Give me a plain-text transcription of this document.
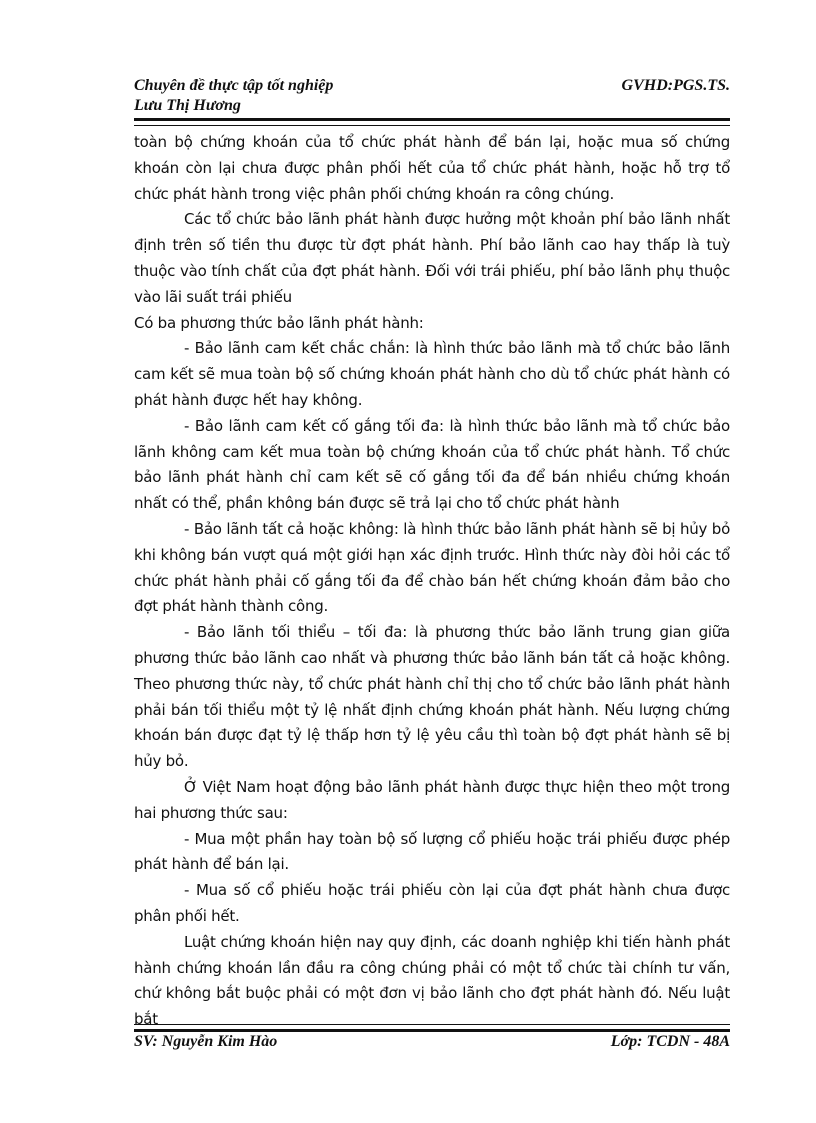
Chuyên đề thực tập tốt nghiệp	GVHD:PGS.TS.
Lưu Thị Hương

toàn bộ chứng khoán của tổ chức phát hành để bán lại, hoặc mua số chứng khoán còn lại chưa được phân phối hết của tổ chức phát hành, hoặc hỗ trợ tổ chức phát hành trong việc phân phối chứng khoán ra công chúng.

Các tổ chức bảo lãnh phát hành được hưởng một khoản phí bảo lãnh nhất định trên số tiền thu được từ đợt phát hành. Phí bảo lãnh cao hay thấp là tuỳ thuộc vào tính chất của đợt phát hành. Đối với trái phiếu, phí bảo lãnh phụ thuộc vào lãi suất trái phiếu

Có ba phương thức bảo lãnh phát hành:

- Bảo lãnh cam kết chắc chắn: là hình thức bảo lãnh mà tổ chức bảo lãnh cam kết sẽ mua toàn bộ số chứng khoán phát hành cho dù tổ chức phát hành có phát hành được hết hay không.

- Bảo lãnh cam kết cố gắng tối đa: là hình thức bảo lãnh mà tổ chức bảo lãnh không cam kết mua toàn bộ chứng khoán của tổ chức phát hành. Tổ chức bảo lãnh phát hành chỉ cam kết sẽ cố gắng tối đa để bán nhiều chứng khoán nhất có thể, phần không bán được sẽ trả lại cho tổ chức phát hành

- Bảo lãnh tất cả hoặc không: là hình thức bảo lãnh phát hành sẽ bị hủy bỏ khi không bán vượt quá một giới hạn xác định trước. Hình thức này đòi hỏi các tổ chức phát hành phải cố gắng tối đa để chào bán hết chứng khoán đảm bảo cho đợt phát hành thành công.

- Bảo lãnh tối thiểu – tối đa: là phương thức bảo lãnh trung gian giữa phương thức bảo lãnh cao nhất và phương thức bảo lãnh bán tất cả hoặc không. Theo phương thức này, tổ chức phát hành chỉ thị cho tổ chức bảo lãnh phát hành phải bán tối thiểu một tỷ lệ nhất định chứng khoán phát hành. Nếu lượng chứng khoán bán được đạt tỷ lệ thấp hơn tỷ lệ yêu cầu thì toàn bộ đợt phát hành sẽ bị hủy bỏ.

Ở Việt Nam hoạt động bảo lãnh phát hành được thực hiện theo một trong hai phương thức sau:

- Mua một phần hay toàn bộ số lượng cổ phiếu hoặc trái phiếu được phép phát hành để bán lại.

- Mua số cổ phiếu hoặc trái phiếu còn lại của đợt phát hành chưa được phân phối hết.

Luật chứng khoán hiện nay quy định, các doanh nghiệp khi tiến hành phát hành chứng khoán lần đầu ra công chúng phải có một tổ chức tài chính tư vấn, chứ không bắt buộc phải có một đơn vị bảo lãnh cho đợt phát hành đó. Nếu luật bắt

SV: Nguyễn Kim Hào	Lớp: TCDN - 48A
